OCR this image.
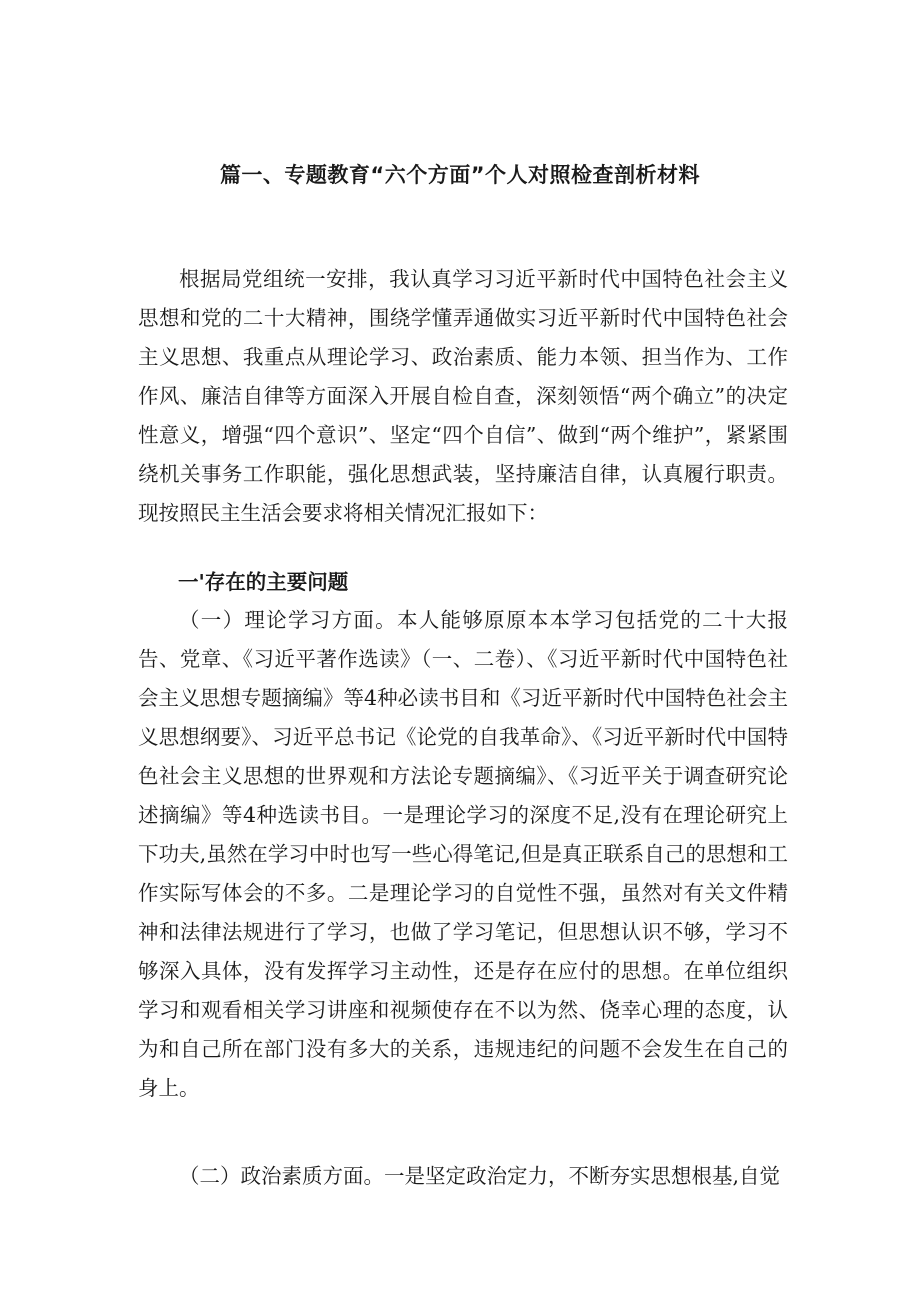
篇一、专题教育“六个方面”个人对照检查剖析材料

根据局党组统一安排，我认真学习习近平新时代中国特色社会主义思想和党的二十大精神，围绕学懂弄通做实习近平新时代中国特色社会主义思想、我重点从理论学习、政治素质、能力本领、担当作为、工作作风、廉洁自律等方面深入开展自检自查，深刻领悟“两个确立”的决定性意义，增强“四个意识”、坚定“四个自信”、做到“两个维护”，紧紧围绕机关事务工作职能，强化思想武装，坚持廉洁自律，认真履行职责。现按照民主生活会要求将相关情况汇报如下：

一'存在的主要问题

（一）理论学习方面。本人能够原原本本学习包括党的二十大报告、党章、《习近平著作选读》（一、二卷）、《习近平新时代中国特色社会主义思想专题摘编》等4种必读书目和《习近平新时代中国特色社会主义思想纲要》、习近平总书记《论党的自我革命》、《习近平新时代中国特色社会主义思想的世界观和方法论专题摘编》、《习近平关于调查研究论述摘编》等4种选读书目。一是理论学习的深度不足,没有在理论研究上下功夫,虽然在学习中时也写一些心得笔记,但是真正联系自己的思想和工作实际写体会的不多。二是理论学习的自觉性不强，虽然对有关文件精神和法律法规进行了学习，也做了学习笔记，但思想认识不够，学习不够深入具体，没有发挥学习主动性，还是存在应付的思想。在单位组织学习和观看相关学习讲座和视频使存在不以为然、侥幸心理的态度，认为和自己所在部门没有多大的关系，违规违纪的问题不会发生在自己的身上。

（二）政治素质方面。一是坚定政治定力，不断夯实思想根基,自觉
